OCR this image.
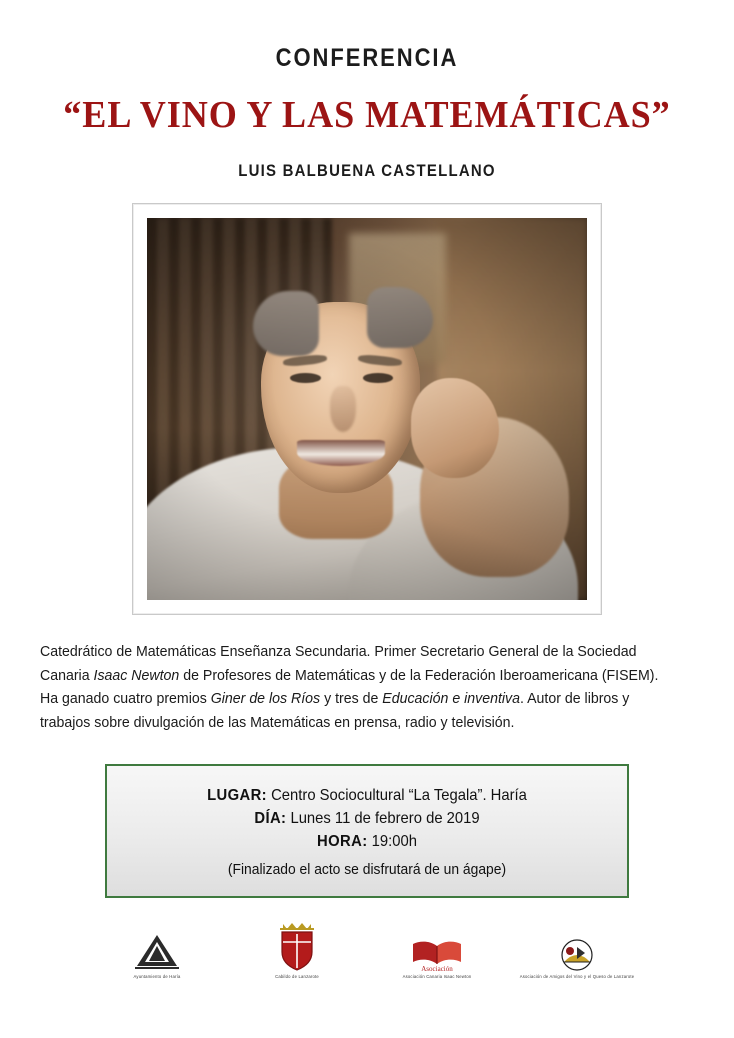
CONFERENCIA
“EL VINO Y LAS MATEMÁTICAS”
LUIS BALBUENA CASTELLANO
Catedrático de Matemáticas Enseñanza Secundaria. Primer Secretario General de la Sociedad Canaria Isaac Newton de Profesores de Matemáticas y de la Federación Iberoamericana (FISEM). Ha ganado cuatro premios Giner de los Ríos y tres de Educación e inventiva. Autor de libros y trabajos sobre divulgación de las Matemáticas en prensa, radio y televisión.
LUGAR: Centro Sociocultural “La Tegala”. Haría
DÍA: Lunes 11 de febrero de 2019
HORA: 19:00h
(Finalizado el acto se disfrutará de un ágape)
Ayuntamiento de Haría	Cabildo de Lanzarote
Asociación
Asociación Canaria Isaac Newton	Asociación de Amigos del Vino y el Queso de Lanzarote
